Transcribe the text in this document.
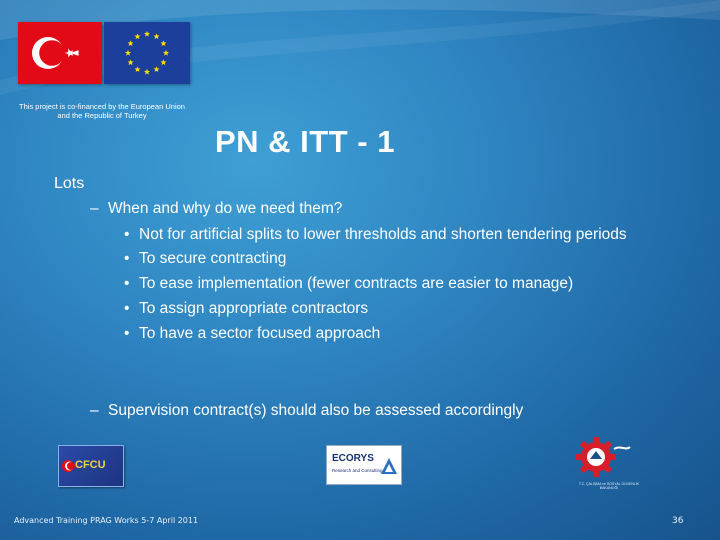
This project is co-financed by the European Union
and the Republic of Turkey
PN & ITT - 1
Lots
– When and why do we need them?
• Not for artificial splits to lower thresholds and shorten tendering periods
• To secure contracting
• To ease implementation (fewer contracts are easier to manage)
• To assign appropriate contractors
• To have a sector focused approach
– Supervision contract(s) should also be assessed accordingly
CFCU
ECORYS
Research and Consulting
T.C. ÇALIŞMA ve SOSYAL GÜVENLİK BAKANLIĞI
Advanced Training PRAG Works 5-7 April 2011	36
